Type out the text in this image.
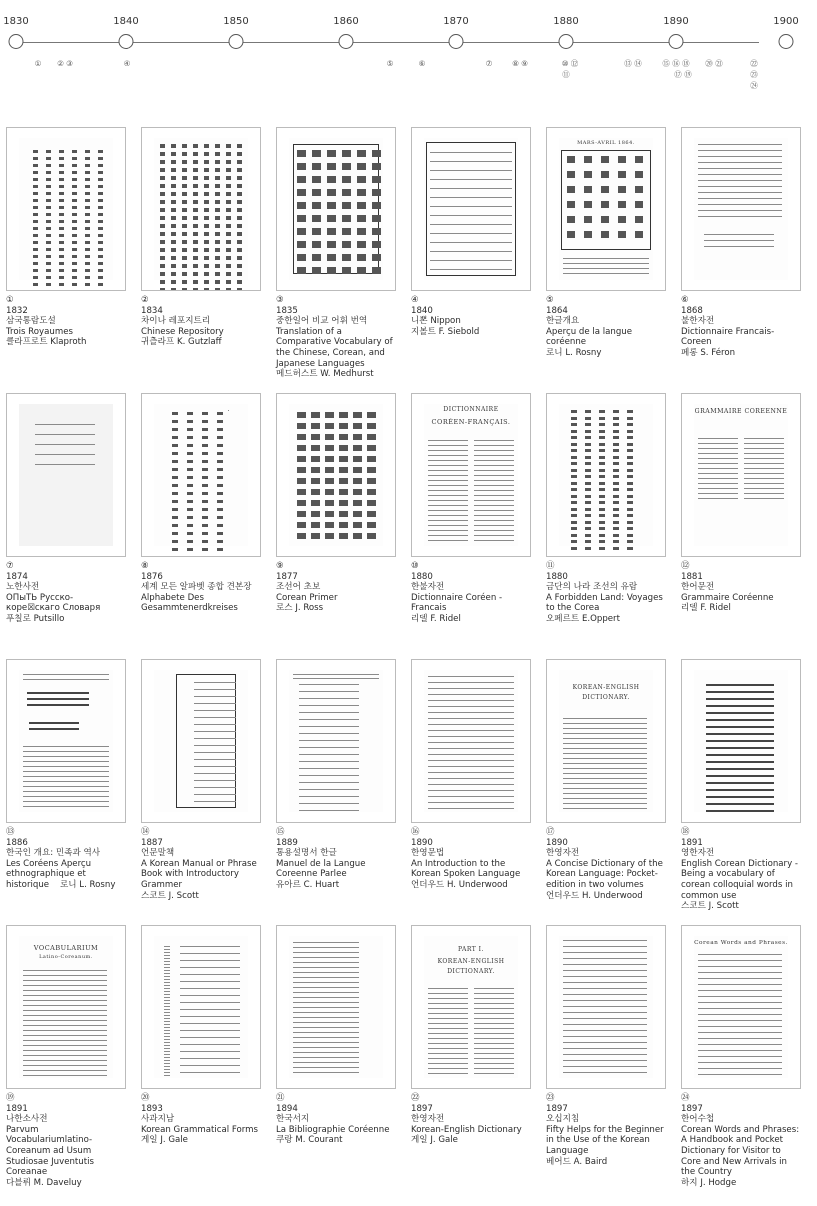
1830	1840	1850	1860	1870	1880	1890	1900
① ② ③	④	⑤	⑥	⑦	⑧ ⑨	⑩ ⑫
⑪
⑬ ⑭	⑮ ⑯ ⑱
⑰ ⑲
⑳ ㉑	㉒
㉓
㉔
①
1832
삼국통람도설
Trois Royaumes
클라프로트 Klaproth
②
1834
차이나 레포지트리
Chinese Repository
귀츨라프 K. Gutzlaff
③
1835
중한일어 비교 어휘 번역
Translation of a Comparative Vocabulary of the Chinese, Corean, and Japanese Languages
메드허스트 W. Medhurst
④
1840
니뽄 Nippon
지볼트 F. Siebold
MARS-AVRIL 1864.
⑤
1864
한글개요
Aperçu de la langue coréenne
로니 L. Rosny
⑥
1868
불한자전
Dictionnaire Francais-Coreen
페롱 S. Féron
⑦
1874
노한사전
ОПыТЬ Русско-коре☒скаго Словаря
푸칠로 Putsillo
⑧
1876
세계 모든 알파벳 종합 견본장
Alphabete Des Gesammtenerdkreises
⑨
1877
조선어 초보
Corean Primer
로스 J. Ross
DICTIONNAIRE
CORÉEN-FRANÇAIS.
⑩
1880
한불자전
Dictionnaire Coréen - Francais
리델 F. Ridel
⑪
1880
금단의 나라 조선의 유람
A Forbidden Land: Voyages to the Corea
오페르트 E.Oppert
GRAMMAIRE CORÉENNE
⑫
1881
한어문전
Grammaire Coréenne
리델 F. Ridel
⑬
1886
한국인 개요: 민족과 역사
Les Coréens Aperçu ethnographique et historique    로니 L. Rosny
⑭
1887
언문말책
A Korean Manual or Phrase Book with Introductory Grammer
스코트 J. Scott
⑮
1889
통용설명서 한글
Manuel de la Langue Coreenne Parlee
유아르 C. Huart
⑯
1890
한영문법
An Introduction to the Korean Spoken Language
언더우드 H. Underwood
KOREAN-ENGLISH
DICTIONARY.
⑰
1890
한영자전
A Concise Dictionary of the Korean Language: Pocket-edition in two volumes
언더우드 H. Underwood
⑱
1891
영한자전
English Corean Dictionary - Being a vocabulary of corean colloquial words in common use
스코트 J. Scott
VOCABULARIUM
Latino-Coreanum.
⑲
1891
나한소사전
Parvum Vocabulariumlatino-Coreanum ad Usum Studiosae Juventutis Coreanae
다블뤼 M. Daveluy
⑳
1893
사과지남
Korean Grammatical Forms
게일 J. Gale
㉑
1894
한국서지
La Bibliographie Coréenne
쿠랑 M. Courant
PART I.
KOREAN-ENGLISH
DICTIONARY.
㉒
1897
한영자전
Korean-English Dictionary
게일 J. Gale
㉓
1897
오십지침
Fifty Helps for the Beginner in the Use of the Korean Language
베어드 A. Baird
Corean Words and Phrases.
㉔
1897
한어수첩
Corean Words and Phrases: A Handbook and Pocket Dictionary for Visitor to Core and New Arrivals in the Country
하지 J. Hodge
